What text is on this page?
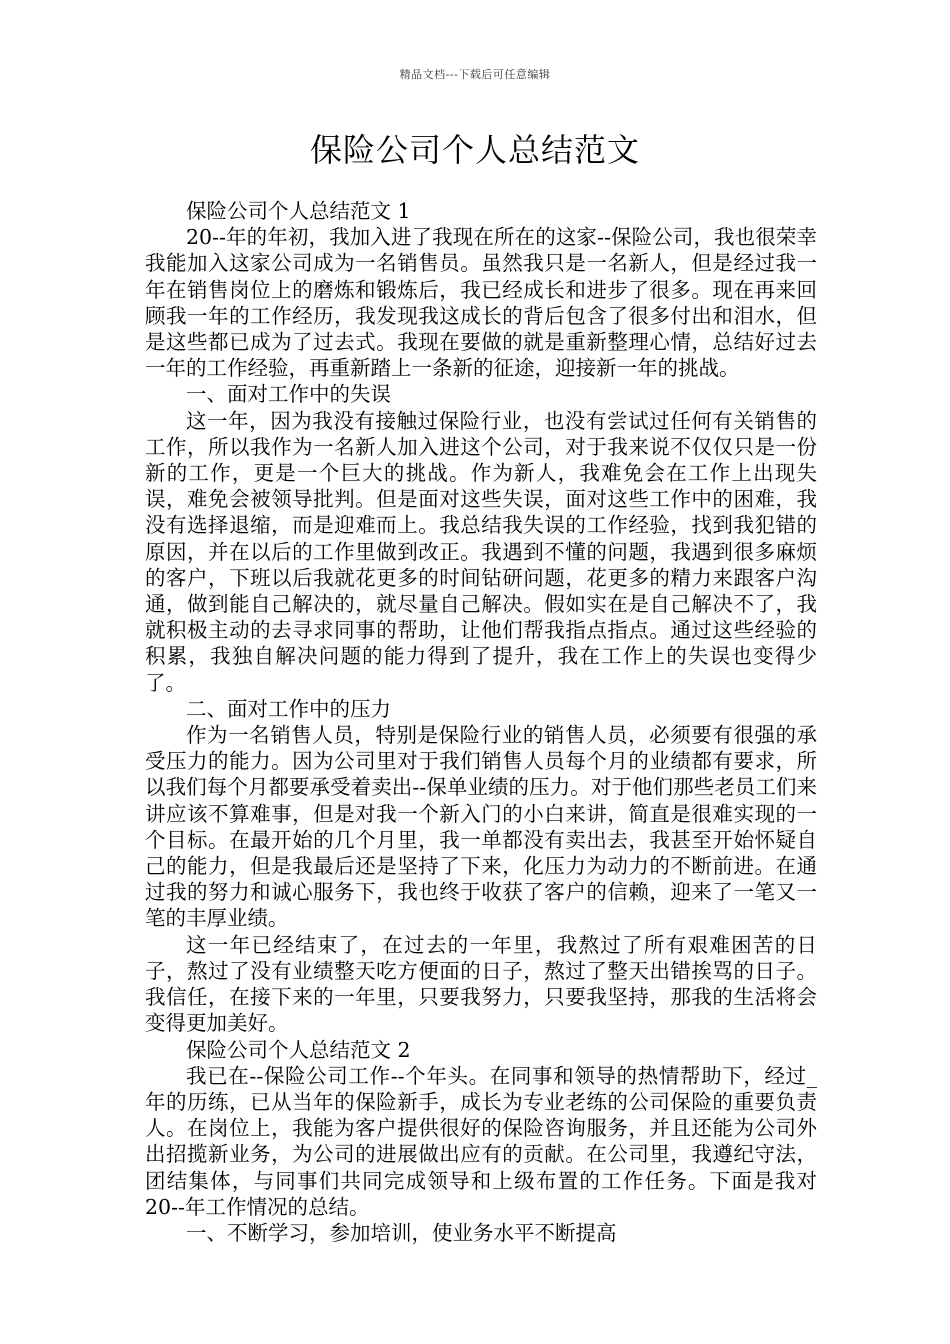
精品文档---下载后可任意编辑
保险公司个人总结范文

保险公司个人总结范文 1

20--年的年初，我加入进了我现在所在的这家--保险公司，我也很荣幸我能加入这家公司成为一名销售员。虽然我只是一名新人，但是经过我一年在销售岗位上的磨炼和锻炼后，我已经成长和进步了很多。现在再来回顾我一年的工作经历，我发现我这成长的背后包含了很多付出和泪水，但是这些都已成为了过去式。我现在要做的就是重新整理心情，总结好过去一年的工作经验，再重新踏上一条新的征途，迎接新一年的挑战。

一、面对工作中的失误

这一年，因为我没有接触过保险行业，也没有尝试过任何有关销售的工作，所以我作为一名新人加入进这个公司，对于我来说不仅仅只是一份新的工作，更是一个巨大的挑战。作为新人，我难免会在工作上出现失误，难免会被领导批判。但是面对这些失误，面对这些工作中的困难，我没有选择退缩，而是迎难而上。我总结我失误的工作经验，找到我犯错的原因，并在以后的工作里做到改正。我遇到不懂的问题，我遇到很多麻烦的客户，下班以后我就花更多的时间钻研问题，花更多的精力来跟客户沟通，做到能自己解决的，就尽量自己解决。假如实在是自己解决不了，我就积极主动的去寻求同事的帮助，让他们帮我指点指点。通过这些经验的积累，我独自解决问题的能力得到了提升，我在工作上的失误也变得少了。

二、面对工作中的压力

作为一名销售人员，特别是保险行业的销售人员，必须要有很强的承受压力的能力。因为公司里对于我们销售人员每个月的业绩都有要求，所以我们每个月都要承受着卖出--保单业绩的压力。对于他们那些老员工们来讲应该不算难事，但是对我一个新入门的小白来讲，简直是很难实现的一个目标。在最开始的几个月里，我一单都没有卖出去，我甚至开始怀疑自己的能力，但是我最后还是坚持了下来，化压力为动力的不断前进。在通过我的努力和诚心服务下，我也终于收获了客户的信赖，迎来了一笔又一笔的丰厚业绩。

这一年已经结束了，在过去的一年里，我熬过了所有艰难困苦的日子，熬过了没有业绩整天吃方便面的日子，熬过了整天出错挨骂的日子。我信任，在接下来的一年里，只要我努力，只要我坚持，那我的生活将会变得更加美好。

保险公司个人总结范文 2

我已在--保险公司工作--个年头。在同事和领导的热情帮助下，经过_年的历练，已从当年的保险新手，成长为专业老练的公司保险的重要负责人。在岗位上，我能为客户提供很好的保险咨询服务，并且还能为公司外出招揽新业务，为公司的进展做出应有的贡献。在公司里，我遵纪守法，团结集体，与同事们共同完成领导和上级布置的工作任务。下面是我对 20--年工作情况的总结。

一、不断学习，参加培训，使业务水平不断提高
